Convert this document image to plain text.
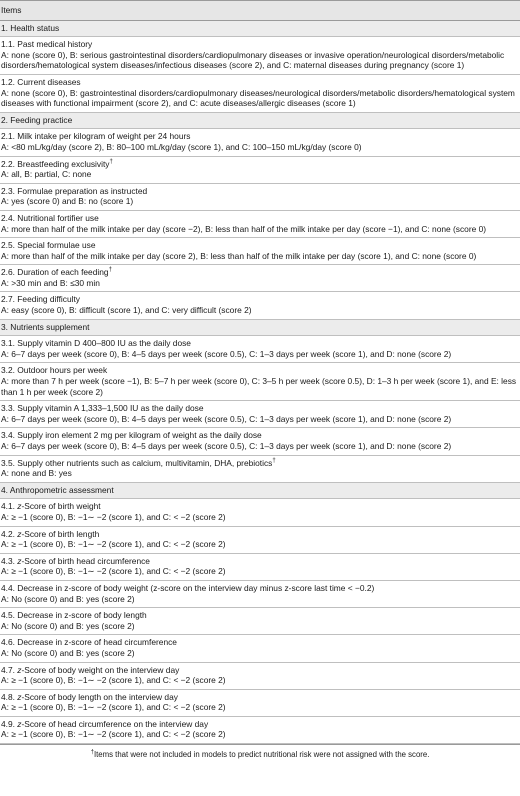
Items
1. Health status
1.1. Past medical history
A: none (score 0), B: serious gastrointestinal disorders/cardiopulmonary diseases or invasive operation/neurological disorders/metabolic disorders/hematological system diseases/infectious diseases (score 2), and C: maternal diseases during pregnancy (score 1)
1.2. Current diseases
A: none (score 0), B: gastrointestinal disorders/cardiopulmonary diseases/neurological disorders/metabolic disorders/hematological system diseases with functional impairment (score 2), and C: acute diseases/allergic diseases (score 1)
2. Feeding practice
2.1. Milk intake per kilogram of weight per 24 hours
A: <80 mL/kg/day (score 2), B: 80–100 mL/kg/day (score 1), and C: 100–150 mL/kg/day (score 0)
2.2. Breastfeeding exclusivity†
A: all, B: partial, C: none
2.3. Formulae preparation as instructed
A: yes (score 0) and B: no (score 1)
2.4. Nutritional fortifier use
A: more than half of the milk intake per day (score −2), B: less than half of the milk intake per day (score −1), and C: none (score 0)
2.5. Special formulae use
A: more than half of the milk intake per day (score 2), B: less than half of the milk intake per day (score 1), and C: none (score 0)
2.6. Duration of each feeding†
A: >30 min and B: ≤30 min
2.7. Feeding difficulty
A: easy (score 0), B: difficult (score 1), and C: very difficult (score 2)
3. Nutrients supplement
3.1. Supply vitamin D 400–800 IU as the daily dose
A: 6–7 days per week (score 0), B: 4–5 days per week (score 0.5), C: 1–3 days per week (score 1), and D: none (score 2)
3.2. Outdoor hours per week
A: more than 7 h per week (score −1), B: 5–7 h per week (score 0), C: 3–5 h per week (score 0.5), D: 1–3 h per week (score 1), and E: less than 1 h per week (score 2)
3.3. Supply vitamin A 1,333–1,500 IU as the daily dose
A: 6–7 days per week (score 0), B: 4–5 days per week (score 0.5), C: 1–3 days per week (score 1), and D: none (score 2)
3.4. Supply iron element 2 mg per kilogram of weight as the daily dose
A: 6–7 days per week (score 0), B: 4–5 days per week (score 0.5), C: 1–3 days per week (score 1), and D: none (score 2)
3.5. Supply other nutrients such as calcium, multivitamin, DHA, prebiotics†
A: none and B: yes
4. Anthropometric assessment
4.1. z-Score of birth weight
A: ≥ −1 (score 0), B: −1∼ −2 (score 1), and C: < −2 (score 2)
4.2. z-Score of birth length
A: ≥ −1 (score 0), B: −1∼ −2 (score 1), and C: < −2 (score 2)
4.3. z-Score of birth head circumference
A: ≥ −1 (score 0), B: −1∼ −2 (score 1), and C: < −2 (score 2)
4.4. Decrease in z-score of body weight (z-score on the interview day minus z-score last time < −0.2)
A: No (score 0) and B: yes (score 2)
4.5. Decrease in z-score of body length
A: No (score 0) and B: yes (score 2)
4.6. Decrease in z-score of head circumference
A: No (score 0) and B: yes (score 2)
4.7. z-Score of body weight on the interview day
A: ≥ −1 (score 0), B: −1∼ −2 (score 1), and C: < −2 (score 2)
4.8. z-Score of body length on the interview day
A: ≥ −1 (score 0), B: −1∼ −2 (score 1), and C: < −2 (score 2)
4.9. z-Score of head circumference on the interview day
A: ≥ −1 (score 0), B: −1∼ −2 (score 1), and C: < −2 (score 2)
†Items that were not included in models to predict nutritional risk were not assigned with the score.
